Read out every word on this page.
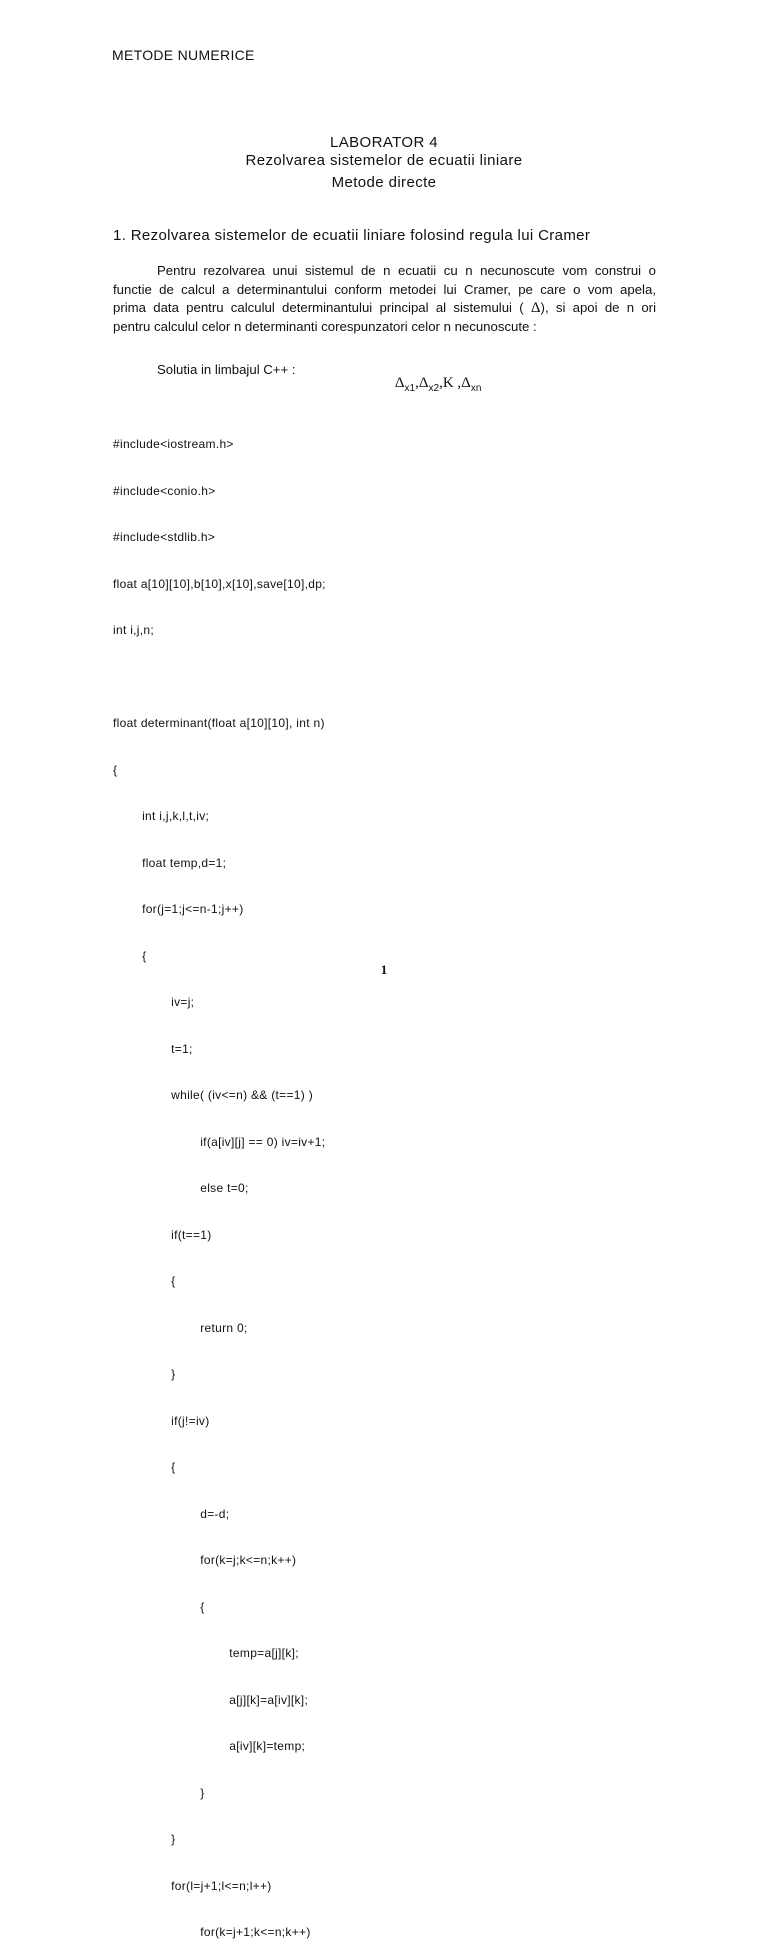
METODE NUMERICE
LABORATOR 4
Rezolvarea sistemelor de ecuatii liniare
Metode directe
1. Rezolvarea sistemelor de ecuatii liniare folosind regula lui Cramer
Pentru rezolvarea unui sistemul de n ecuatii cu n necunoscute vom construi o
functie de calcul a determinantului conform metodei lui Cramer, pe care o vom apela,
prima data pentru calculul determinantului principal al sistemului ( Δ), si apoi de n ori
pentru calculul celor n determinanti corespunzatori celor n necunoscute :
Solutia in limbajul C++ :

$\Delta_{x1},\Delta_{x2},K$ $,\Delta_{xn}$

#include<iostream.h>

#include<conio.h>

#include<stdlib.h>

float a[10][10],b[10],x[10],save[10],dp;

int i,j,n;

float determinant(float a[10][10], int n)

{

int i,j,k,l,t,iv;

float temp,d=1;

for(j=1;j<=n-1;j++)

{

iv=j;

t=1;

while( (iv<=n) && (t==1) )

if(a[iv][j] == 0) iv=iv+1;

else t=0;

if(t==1)

{

return 0;

}

if(j!=iv)

{

d=-d;

for(k=j;k<=n;k++)

{

temp=a[j][k];

a[j][k]=a[iv][k];

a[iv][k]=temp;

}

}

for(l=j+1;l<=n;l++)

for(k=j+1;k<=n;k++)

1
